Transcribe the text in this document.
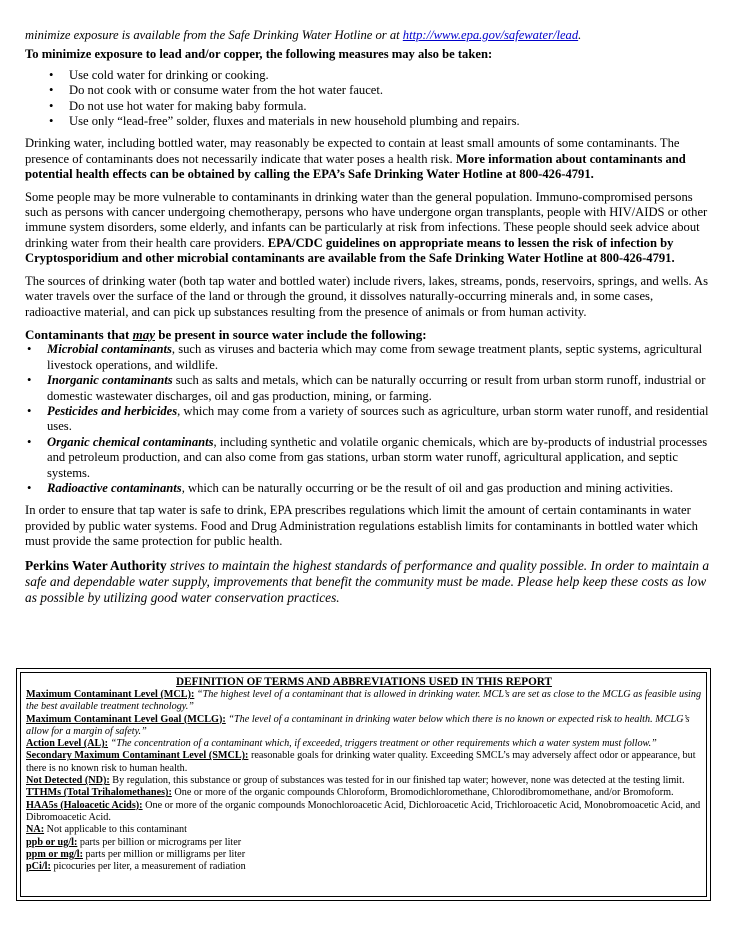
minimize exposure is available from the Safe Drinking Water Hotline or at http://www.epa.gov/safewater/lead.

To minimize exposure to lead and/or copper, the following measures may also be taken:

• Use cold water for drinking or cooking.
• Do not cook with or consume water from the hot water faucet.
• Do not use hot water for making baby formula.
• Use only “lead-free” solder, fluxes and materials in new household plumbing and repairs.

Drinking water, including bottled water, may reasonably be expected to contain at least small amounts of some contaminants. The presence of contaminants does not necessarily indicate that water poses a health risk. More information about contaminants and potential health effects can be obtained by calling the EPA’s Safe Drinking Water Hotline at 800-426-4791.

Some people may be more vulnerable to contaminants in drinking water than the general population. Immuno-compromised persons such as persons with cancer undergoing chemotherapy, persons who have undergone organ transplants, people with HIV/AIDS or other immune system disorders, some elderly, and infants can be particularly at risk from infections. These people should seek advice about drinking water from their health care providers. EPA/CDC guidelines on appropriate means to lessen the risk of infection by Cryptosporidium and other microbial contaminants are available from the Safe Drinking Water Hotline at 800-426-4791.

The sources of drinking water (both tap water and bottled water) include rivers, lakes, streams, ponds, reservoirs, springs, and wells. As water travels over the surface of the land or through the ground, it dissolves naturally-occurring minerals and, in some cases, radioactive material, and can pick up substances resulting from the presence of animals or from human activity.

Contaminants that may be present in source water include the following:

• Microbial contaminants, such as viruses and bacteria which may come from sewage treatment plants, septic systems, agricultural livestock operations, and wildlife.
• Inorganic contaminants such as salts and metals, which can be naturally occurring or result from urban storm runoff, industrial or domestic wastewater discharges, oil and gas production, mining, or farming.
• Pesticides and herbicides, which may come from a variety of sources such as agriculture, urban storm water runoff, and residential uses.
• Organic chemical contaminants, including synthetic and volatile organic chemicals, which are by-products of industrial processes and petroleum production, and can also come from gas stations, urban storm water runoff, agricultural application, and septic systems.
• Radioactive contaminants, which can be naturally occurring or be the result of oil and gas production and mining activities.

In order to ensure that tap water is safe to drink, EPA prescribes regulations which limit the amount of certain contaminants in water provided by public water systems. Food and Drug Administration regulations establish limits for contaminants in bottled water which must provide the same protection for public health.

Perkins Water Authority strives to maintain the highest standards of performance and quality possible. In order to maintain a safe and dependable water supply, improvements that benefit the community must be made. Please help keep these costs as low as possible by utilizing good water conservation practices.

DEFINITION OF TERMS AND ABBREVIATIONS USED IN THIS REPORT

Maximum Contaminant Level (MCL): “The highest level of a contaminant that is allowed in drinking water. MCL’s are set as close to the MCLG as feasible using the best available treatment technology.”

Maximum Contaminant Level Goal (MCLG): “The level of a contaminant in drinking water below which there is no known or expected risk to health. MCLG’s allow for a margin of safety.”

Action Level (AL): “The concentration of a contaminant which, if exceeded, triggers treatment or other requirements which a water system must follow.”

Secondary Maximum Contaminant Level (SMCL): reasonable goals for drinking water quality. Exceeding SMCL’s may adversely affect odor or appearance, but there is no known risk to human health.

Not Detected (ND): By regulation, this substance or group of substances was tested for in our finished tap water; however, none was detected at the testing limit.

TTHMs (Total Trihalomethanes): One or more of the organic compounds Chloroform, Bromodichloromethane, Chlorodibromomethane, and/or Bromoform.

HAA5s (Haloacetic Acids): One or more of the organic compounds Monochloroacetic Acid, Dichloroacetic Acid, Trichloroacetic Acid, Monobromoacetic Acid, and Dibromoacetic Acid.

NA: Not applicable to this contaminant

ppb or ug/l: parts per billion or micrograms per liter

ppm or mg/l: parts per million or milligrams per liter

pCi/l: picocuries per liter, a measurement of radiation
